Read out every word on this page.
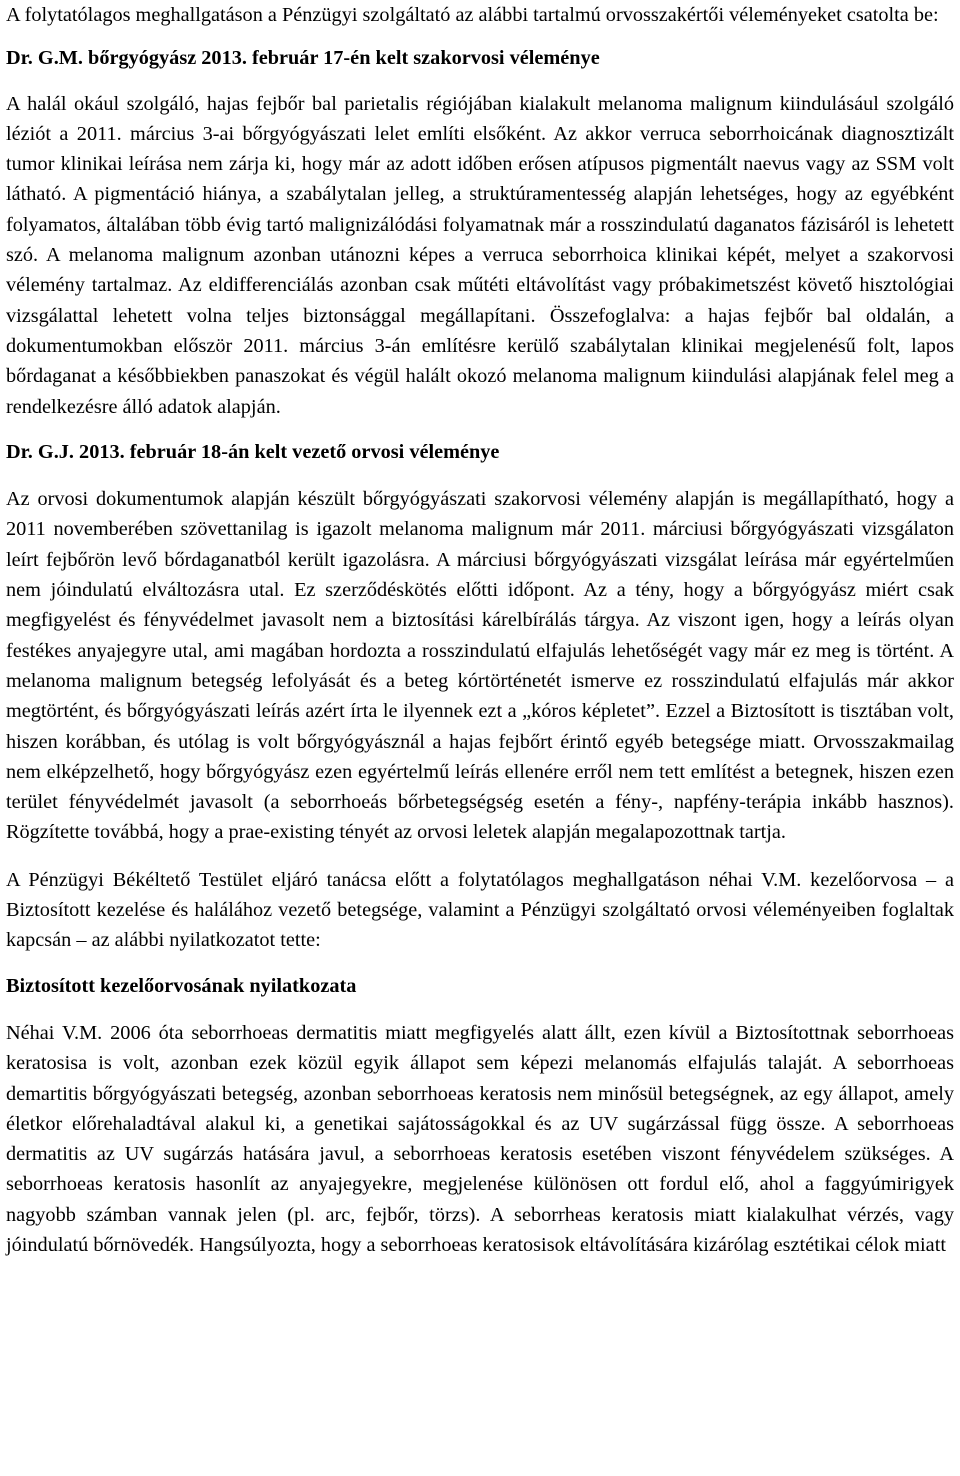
A folytatólagos meghallgatáson a Pénzügyi szolgáltató az alábbi tartalmú orvosszakértői véleményeket csatolta be:

Dr. G.M. bőrgyógyász 2013. február 17-én kelt szakorvosi véleménye

A halál okául szolgáló, hajas fejbőr bal parietalis régiójában kialakult melanoma malignum kiindulásául szolgáló léziót a 2011. március 3-ai bőrgyógyászati lelet említi elsőként. Az akkor verruca seborrhoicának diagnosztizált tumor klinikai leírása nem zárja ki, hogy már az adott időben erősen atípusos pigmentált naevus vagy az SSM volt látható. A pigmentáció hiánya, a szabálytalan jelleg, a struktúramentesség alapján lehetséges, hogy az egyébként folyamatos, általában több évig tartó malignizálódási folyamatnak már a rosszindulatú daganatos fázisáról is lehetett szó. A melanoma malignum azonban utánozni képes a verruca seborrhoica klinikai képét, melyet a szakorvosi vélemény tartalmaz. Az eldifferenciálás azonban csak műtéti eltávolítást vagy próbakimetszést követő hisztológiai vizsgálattal lehetett volna teljes biztonsággal megállapítani. Összefoglalva: a hajas fejbőr bal oldalán, a dokumentumokban először 2011. március 3-án említésre kerülő szabálytalan klinikai megjelenésű folt, lapos bőrdaganat a későbbiekben panaszokat és végül halált okozó melanoma malignum kiindulási alapjának felel meg a rendelkezésre álló adatok alapján.

Dr. G.J. 2013. február 18-án kelt vezető orvosi véleménye

Az orvosi dokumentumok alapján készült bőrgyógyászati szakorvosi vélemény alapján is megállapítható, hogy a 2011 novemberében szövettanilag is igazolt melanoma malignum már 2011. márciusi bőrgyógyászati vizsgálaton leírt fejbőrön levő bőrdaganatból került igazolásra. A márciusi bőrgyógyászati vizsgálat leírása már egyértelműen nem jóindulatú elváltozásra utal. Ez szerződéskötés előtti időpont. Az a tény, hogy a bőrgyógyász miért csak megfigyelést és fényvédelmet javasolt nem a biztosítási kárelbírálás tárgya. Az viszont igen, hogy a leírás olyan festékes anyajegyre utal, ami magában hordozta a rosszindulatú elfajulás lehetőségét vagy már ez meg is történt. A melanoma malignum betegség lefolyását és a beteg kórtörténetét ismerve ez rosszindulatú elfajulás már akkor megtörtént, és bőrgyógyászati leírás azért írta le ilyennek ezt a „kóros képletet”. Ezzel a Biztosított is tisztában volt, hiszen korábban, és utólag is volt bőrgyógyásznál a hajas fejbőrt érintő egyéb betegsége miatt. Orvosszakmailag nem elképzelhető, hogy bőrgyógyász ezen egyértelmű leírás ellenére erről nem tett említést a betegnek, hiszen ezen terület fényvédelmét javasolt (a seborrhoeás bőrbetegségség esetén a fény-, napfény-terápia inkább hasznos). Rögzítette továbbá, hogy a prae-existing tényét az orvosi leletek alapján megalapozottnak tartja.

A Pénzügyi Békéltető Testület eljáró tanácsa előtt a folytatólagos meghallgatáson néhai V.M. kezelőorvosa – a Biztosított kezelése és halálához vezető betegsége, valamint a Pénzügyi szolgáltató orvosi véleményeiben foglaltak kapcsán – az alábbi nyilatkozatot tette:

Biztosított kezelőorvosának nyilatkozata

Néhai V.M. 2006 óta seborrhoeas dermatitis miatt megfigyelés alatt állt, ezen kívül a Biztosítottnak seborrhoeas keratosisa is volt, azonban ezek közül egyik állapot sem képezi melanomás elfajulás talaját. A seborrhoeas demartitis bőrgyógyászati betegség, azonban seborrhoeas keratosis nem minősül betegségnek, az egy állapot, amely életkor előrehaladtával alakul ki, a genetikai sajátosságokkal és az UV sugárzással függ össze. A seborrhoeas dermatitis az UV sugárzás hatására javul, a seborrhoeas keratosis esetében viszont fényvédelem szükséges. A seborrhoeas keratosis hasonlít az anyajegyekre, megjelenése különösen ott fordul elő, ahol a faggyúmirigyek nagyobb számban vannak jelen (pl. arc, fejbőr, törzs). A seborrheas keratosis miatt kialakulhat vérzés, vagy jóindulatú bőrnövedék. Hangsúlyozta, hogy a seborrhoeas keratosisok eltávolítására kizárólag esztétikai célok miatt
